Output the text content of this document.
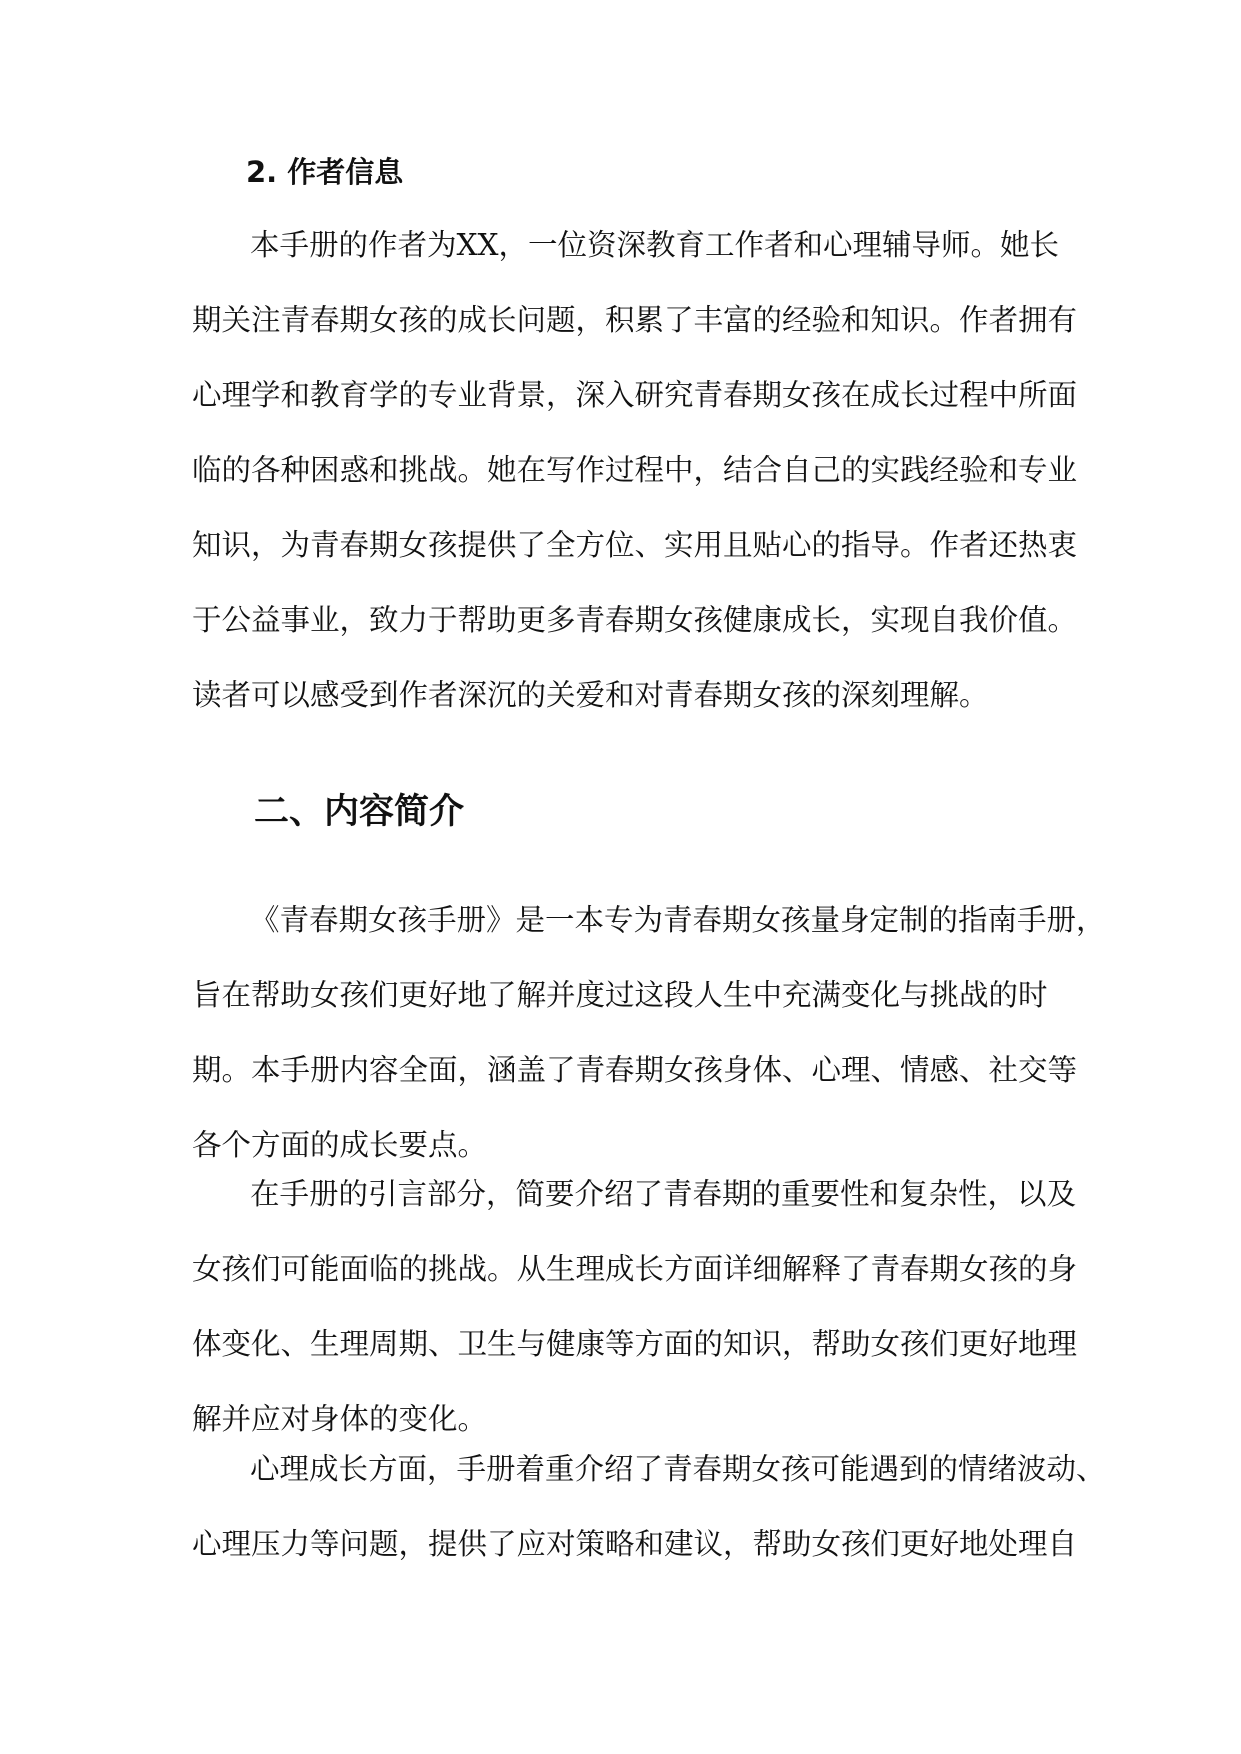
2. 作者信息
本手册的作者为XX，一位资深教育工作者和心理辅导师。她长
期关注青春期女孩的成长问题，积累了丰富的经验和知识。作者拥有
心理学和教育学的专业背景，深入研究青春期女孩在成长过程中所面
临的各种困惑和挑战。她在写作过程中，结合自己的实践经验和专业
知识，为青春期女孩提供了全方位、实用且贴心的指导。作者还热衷
于公益事业，致力于帮助更多青春期女孩健康成长，实现自我价值。
读者可以感受到作者深沉的关爱和对青春期女孩的深刻理解。
二、内容简介
《青春期女孩手册》是一本专为青春期女孩量身定制的指南手册，
旨在帮助女孩们更好地了解并度过这段人生中充满变化与挑战的时
期。本手册内容全面，涵盖了青春期女孩身体、心理、情感、社交等
各个方面的成长要点。
在手册的引言部分，简要介绍了青春期的重要性和复杂性，以及
女孩们可能面临的挑战。从生理成长方面详细解释了青春期女孩的身
体变化、生理周期、卫生与健康等方面的知识，帮助女孩们更好地理
解并应对身体的变化。
心理成长方面，手册着重介绍了青春期女孩可能遇到的情绪波动、
心理压力等问题，提供了应对策略和建议，帮助女孩们更好地处理自
